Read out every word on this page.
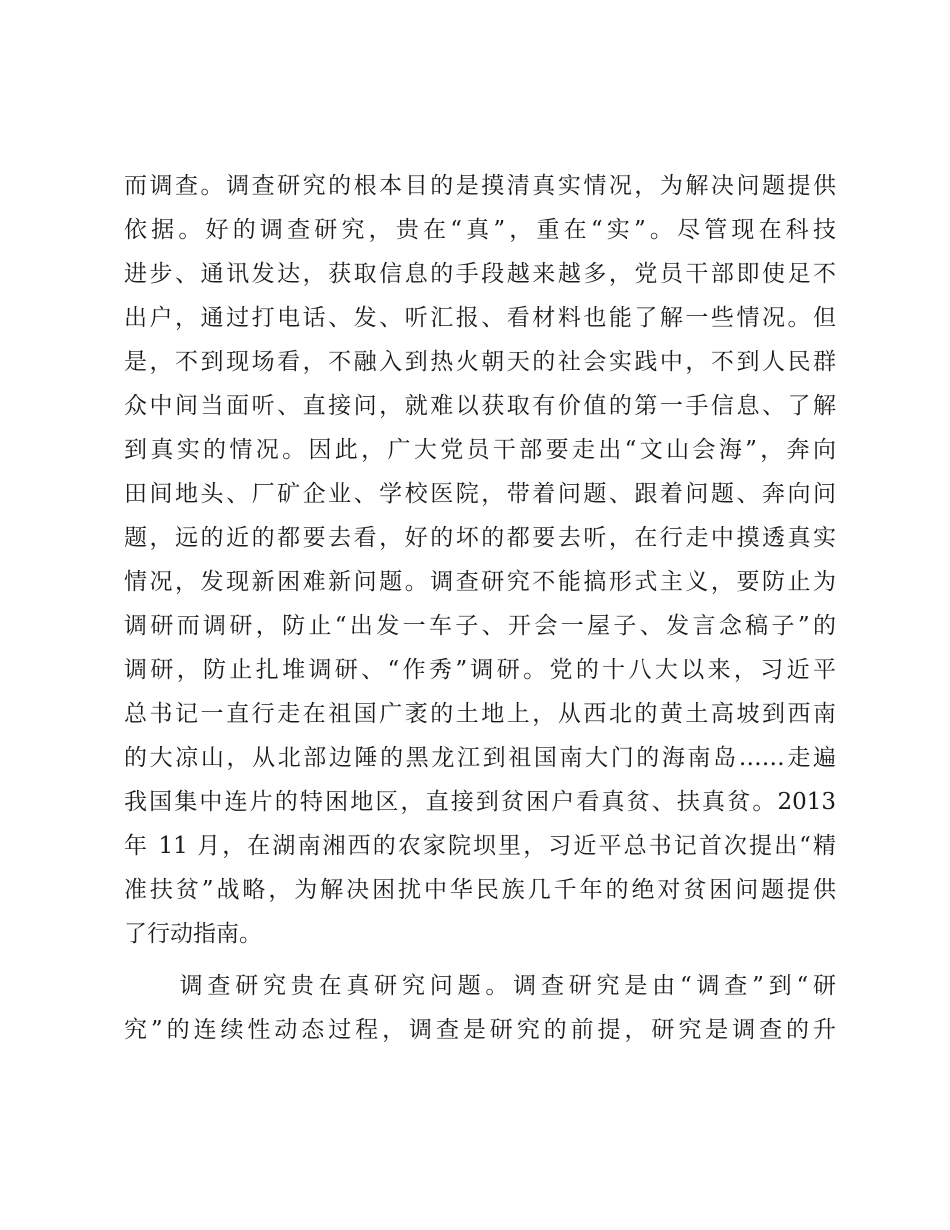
而调查。调查研究的根本目的是摸清真实情况，为解决问题提供
依据。好的调查研究，贵在“真”，重在“实”。尽管现在科技
进步、通讯发达，获取信息的手段越来越多，党员干部即使足不
出户，通过打电话、发、听汇报、看材料也能了解一些情况。但
是，不到现场看，不融入到热火朝天的社会实践中，不到人民群
众中间当面听、直接问，就难以获取有价值的第一手信息、了解
到真实的情况。因此，广大党员干部要走出“文山会海”，奔向
田间地头、厂矿企业、学校医院，带着问题、跟着问题、奔向问
题，远的近的都要去看，好的坏的都要去听，在行走中摸透真实
情况，发现新困难新问题。调查研究不能搞形式主义，要防止为
调研而调研，防止“出发一车子、开会一屋子、发言念稿子”的
调研，防止扎堆调研、“作秀”调研。党的十八大以来，习近平
总书记一直行走在祖国广袤的土地上，从西北的黄土高坡到西南
的大凉山，从北部边陲的黑龙江到祖国南大门的海南岛……走遍
我国集中连片的特困地区，直接到贫困户看真贫、扶真贫。2013
年 11 月，在湖南湘西的农家院坝里，习近平总书记首次提出“精
准扶贫”战略，为解决困扰中华民族几千年的绝对贫困问题提供
了行动指南。
　　调查研究贵在真研究问题。调查研究是由“调查”到“研
究”的连续性动态过程，调查是研究的前提，研究是调查的升
